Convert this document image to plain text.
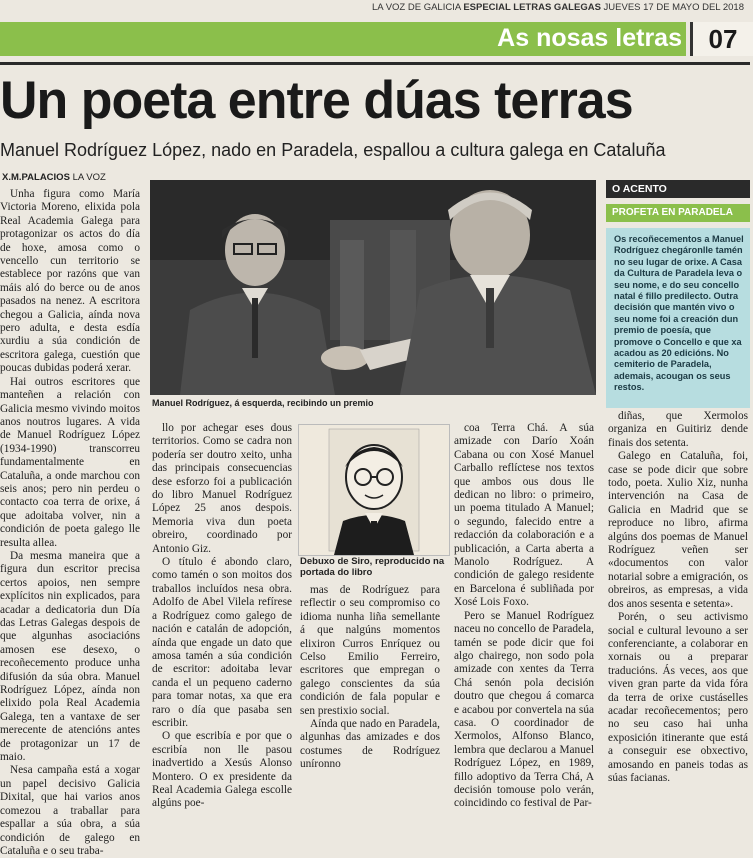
LA VOZ DE GALICIA ESPECIAL LETRAS GALEGAS JUEVES 17 DE MAYO DEL 2018
As nosas letras	07
Un poeta entre dúas terras
Manuel Rodríguez López, nado en Paradela, espallou a cultura galega en Cataluña
X.M.PALACIOS LA VOZ

Unha figura como María Victoria Moreno, elixida pola Real Academia Galega para protagonizar os actos do día de hoxe, amosa como o vencello cun territorio se establece por razóns que van máis aló do berce ou de anos pasados na nenez. A escritora chegou a Galicia, aínda nova pero adulta, e desta esdía xurdiu a súa condición de escritora galega, cuestión que poucas dubidas poderá xerar.

Hai outros escritores que manteñen a relación con Galicia mesmo vivindo moitos anos noutros lugares. A vida de Manuel Rodríguez López (1934-1990) transcorreu fundamentalmente en Cataluña, a onde marchou con seis anos; pero nin perdeu o contacto coa terra de orixe, á que adoitaba volver, nin a condición de poeta galego lle resulta allea.

Da mesma maneira que a figura dun escritor precisa certos apoios, nen sempre explícitos nin explicados, para acadar a dedicatoria dun Día das Letras Galegas despois de que algunhas asociacións amosen ese desexo, o recoñecemento produce unha difusión da súa obra. Manuel Rodríguez López, aínda non elixido pola Real Academia Galega, ten a vantaxe de ser merecente de atencións antes de protagonizar un 17 de maio.

Nesa campaña está a xogar un papel decisivo Galicia Dixital, que hai varios anos comezou a traballar para espallar a súa obra, a súa condición de galego en Cataluña e o seu traba-

Manuel Rodríguez, á esquerda, recibindo un premio
O ACENTO
PROFETA EN PARADELA
Os recoñecementos a Manuel Rodríguez chegáronlle tamén no seu lugar de orixe. A Casa da Cultura de Paradela leva o seu nome, e do seu concello natal é fillo predilecto. Outra decisión que mantén vivo o seu nome foi a creación dun premio de poesía, que promove o Concello e que xa acadou as 20 edicións. No cemiterio de Paradela, ademais, acougan os seus restos.

llo por achegar eses dous territorios. Como se cadra non podería ser doutro xeito, unha das principais consecuencias dese esforzo foi a publicación do libro Manuel Rodríguez López 25 anos despois. Memoria viva dun poeta obreiro, coordinado por Antonio Giz.

O título é abondo claro, como tamén o son moitos dos traballos incluídos nesa obra. Adolfo de Abel Vilela refírese a Rodríguez como galego de nación e catalán de adopción, aínda que engade un dato que amosa tamén a súa condición de escritor: adoitaba levar canda el un pequeno caderno para tomar notas, xa que era raro o día que pasaba sen escribir.

O que escribía e por que o escribía non lle pasou inadvertido a Xesús Alonso Montero. O ex presidente da Real Academia Galega escolle algúns poe-

Debuxo de Siro, reproducido na portada do libro

mas de Rodríguez para reflectir o seu compromiso co idioma nunha liña semellante á que nalgúns momentos elixiron Curros Enríquez ou Celso Emilio Ferreiro, escritores que empregan o galego conscientes da súa condición de fala popular e sen prestixio social.

Aínda que nado en Paradela, algunhas das amizades e dos costumes de Rodríguez uníronno

coa Terra Chá. A súa amizade con Darío Xoán Cabana ou con Xosé Manuel Carballo reflíctese nos textos que ambos ous dous lle dedican no libro: o primeiro, un poema titulado A Manuel; o segundo, falecido entre a redacción da colaboración e a publicación, a Carta aberta a Manolo Rodríguez. A condición de galego residente en Barcelona é subliñada por Xosé Lois Foxo.

Pero se Manuel Rodríguez naceu no concello de Paradela, tamén se pode dicir que foi algo chairego, non sodo pola amizade con xentes da Terra Chá senón pola decisión doutro que chegou á comarca e acabou por convertela na súa casa. O coordinador de Xermolos, Alfonso Blanco, lembra que declarou a Manuel Rodríguez López, en 1989, fillo adoptivo da Terra Chá, A decisión tomouse polo verán, coincidindo co festival de Par-

diñas, que Xermolos organiza en Guitiriz dende finais dos setenta.

Galego en Cataluña, foi, case se pode dicir que sobre todo, poeta. Xulio Xiz, nunha intervención na Casa de Galicia en Madrid que se reproduce no libro, afirma algúns dos poemas de Manuel Rodríguez veñen ser «documentos con valor notarial sobre a emigración, os obreiros, as empresas, a vida dos anos sesenta e setenta».

Porén, o seu activismo social e cultural levouno a ser conferenciante, a colaborar en xornais ou a preparar traducións. Ás veces, aos que viven gran parte da vida fóra da terra de orixe custáselles acadar recoñecementos; pero no seu caso hai unha exposición itinerante que está a conseguir ese obxectivo, amosando en paneis todas as súas facianas.
